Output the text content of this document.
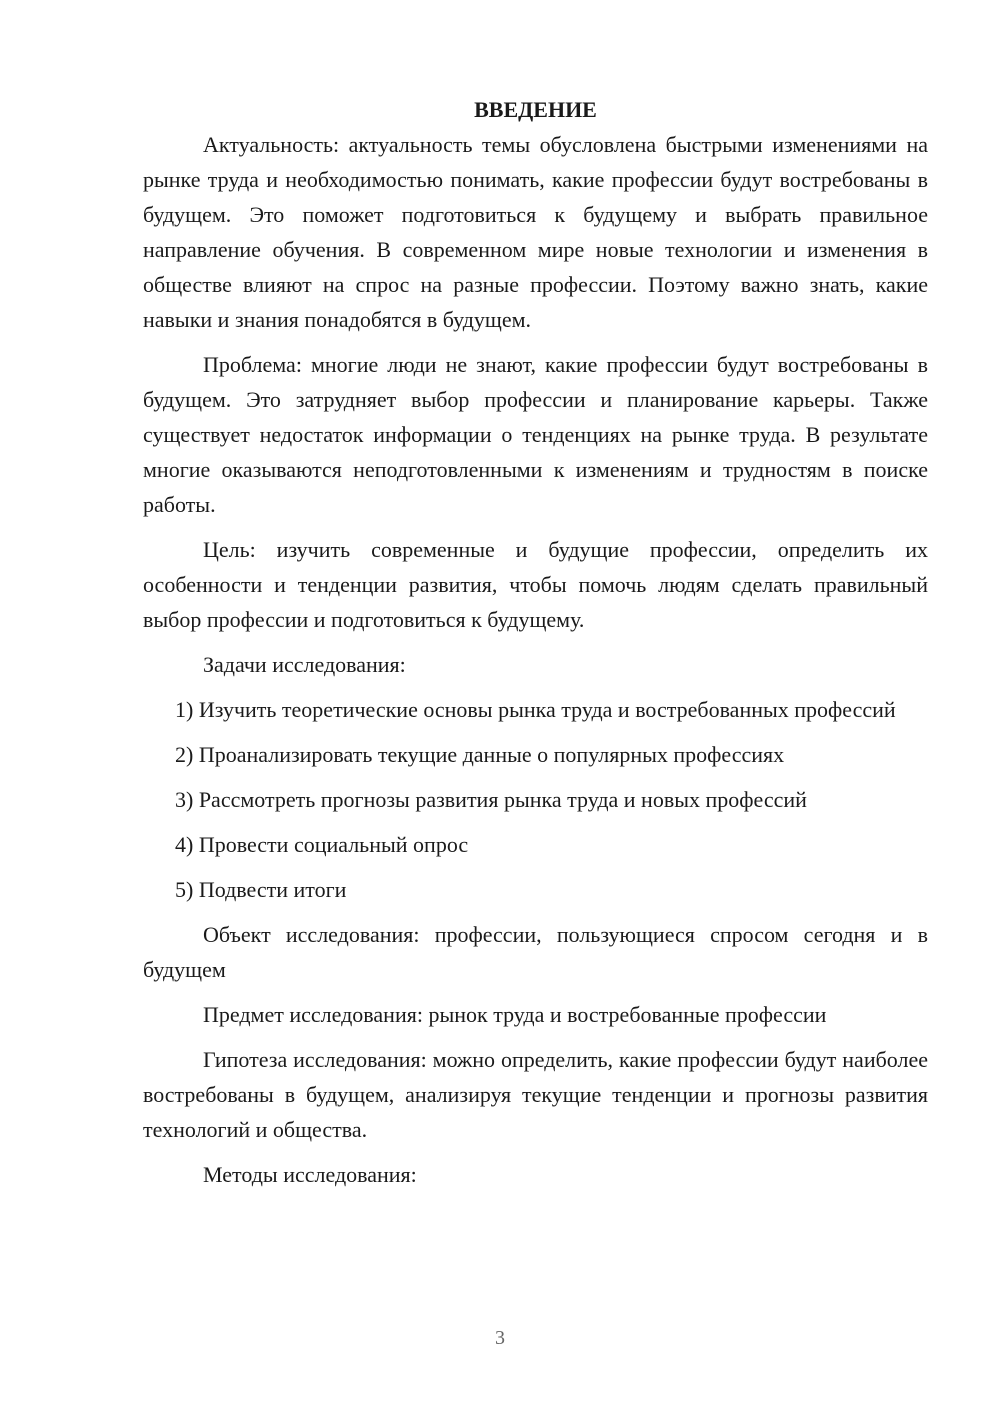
ВВЕДЕНИЕ

Актуальность: актуальность темы обусловлена быстрыми изменениями на рынке труда и необходимостью понимать, какие профессии будут востребованы в будущем. Это поможет подготовиться к будущему и выбрать правильное направление обучения. В современном мире новые технологии и изменения в обществе влияют на спрос на разные профессии. Поэтому важно знать, какие навыки и знания понадобятся в будущем.

Проблема: многие люди не знают, какие профессии будут востребованы в будущем. Это затрудняет выбор профессии и планирование карьеры. Также существует недостаток информации о тенденциях на рынке труда. В результате многие оказываются неподготовленными к изменениям и трудностям в поиске работы.

Цель: изучить современные и будущие профессии, определить их особенности и тенденции развития, чтобы помочь людям сделать правильный выбор профессии и подготовиться к будущему.

Задачи исследования:

1) Изучить теоретические основы рынка труда и востребованных профессий

2) Проанализировать текущие данные о популярных профессиях

3) Рассмотреть прогнозы развития рынка труда и новых профессий

4) Провести социальный опрос

5) Подвести итоги

Объект исследования: профессии, пользующиеся спросом сегодня и в будущем

Предмет исследования: рынок труда и востребованные профессии

Гипотеза исследования: можно определить, какие профессии будут наиболее востребованы в будущем, анализируя текущие тенденции и прогнозы развития технологий и общества.

Методы исследования:

3
